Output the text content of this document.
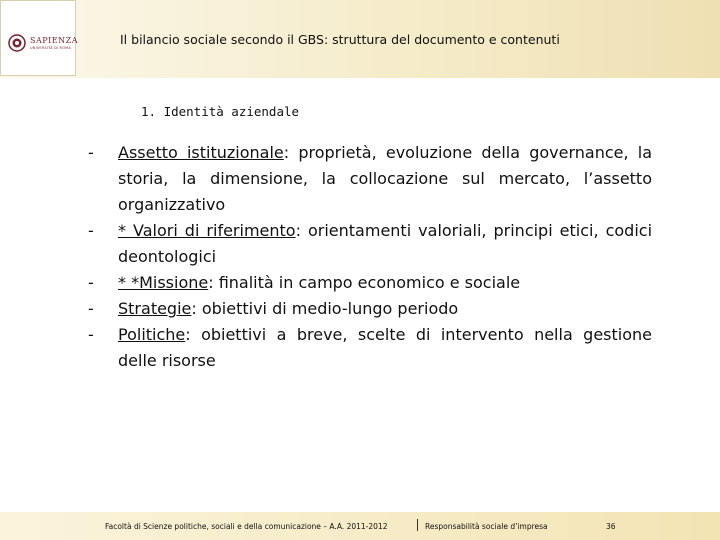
SAPIENZA
UNIVERSITÀ DI ROMA
Il bilancio sociale secondo il GBS: struttura del documento e contenuti
1. Identità aziendale
- Assetto istituzionale: proprietà, evoluzione della governance, la storia, la dimensione, la collocazione sul mercato, l’assetto organizzativo
- * Valori di riferimento: orientamenti valoriali, principi etici, codici deontologici
- * *Missione: finalità in campo economico e sociale
- Strategie: obiettivi di medio-lungo periodo
- Politiche: obiettivi a breve, scelte di intervento nella gestione delle risorse
Facoltà di Scienze politiche, sociali e della comunicazione – A.A. 2011-2012	Responsabilità sociale d’impresa	36
